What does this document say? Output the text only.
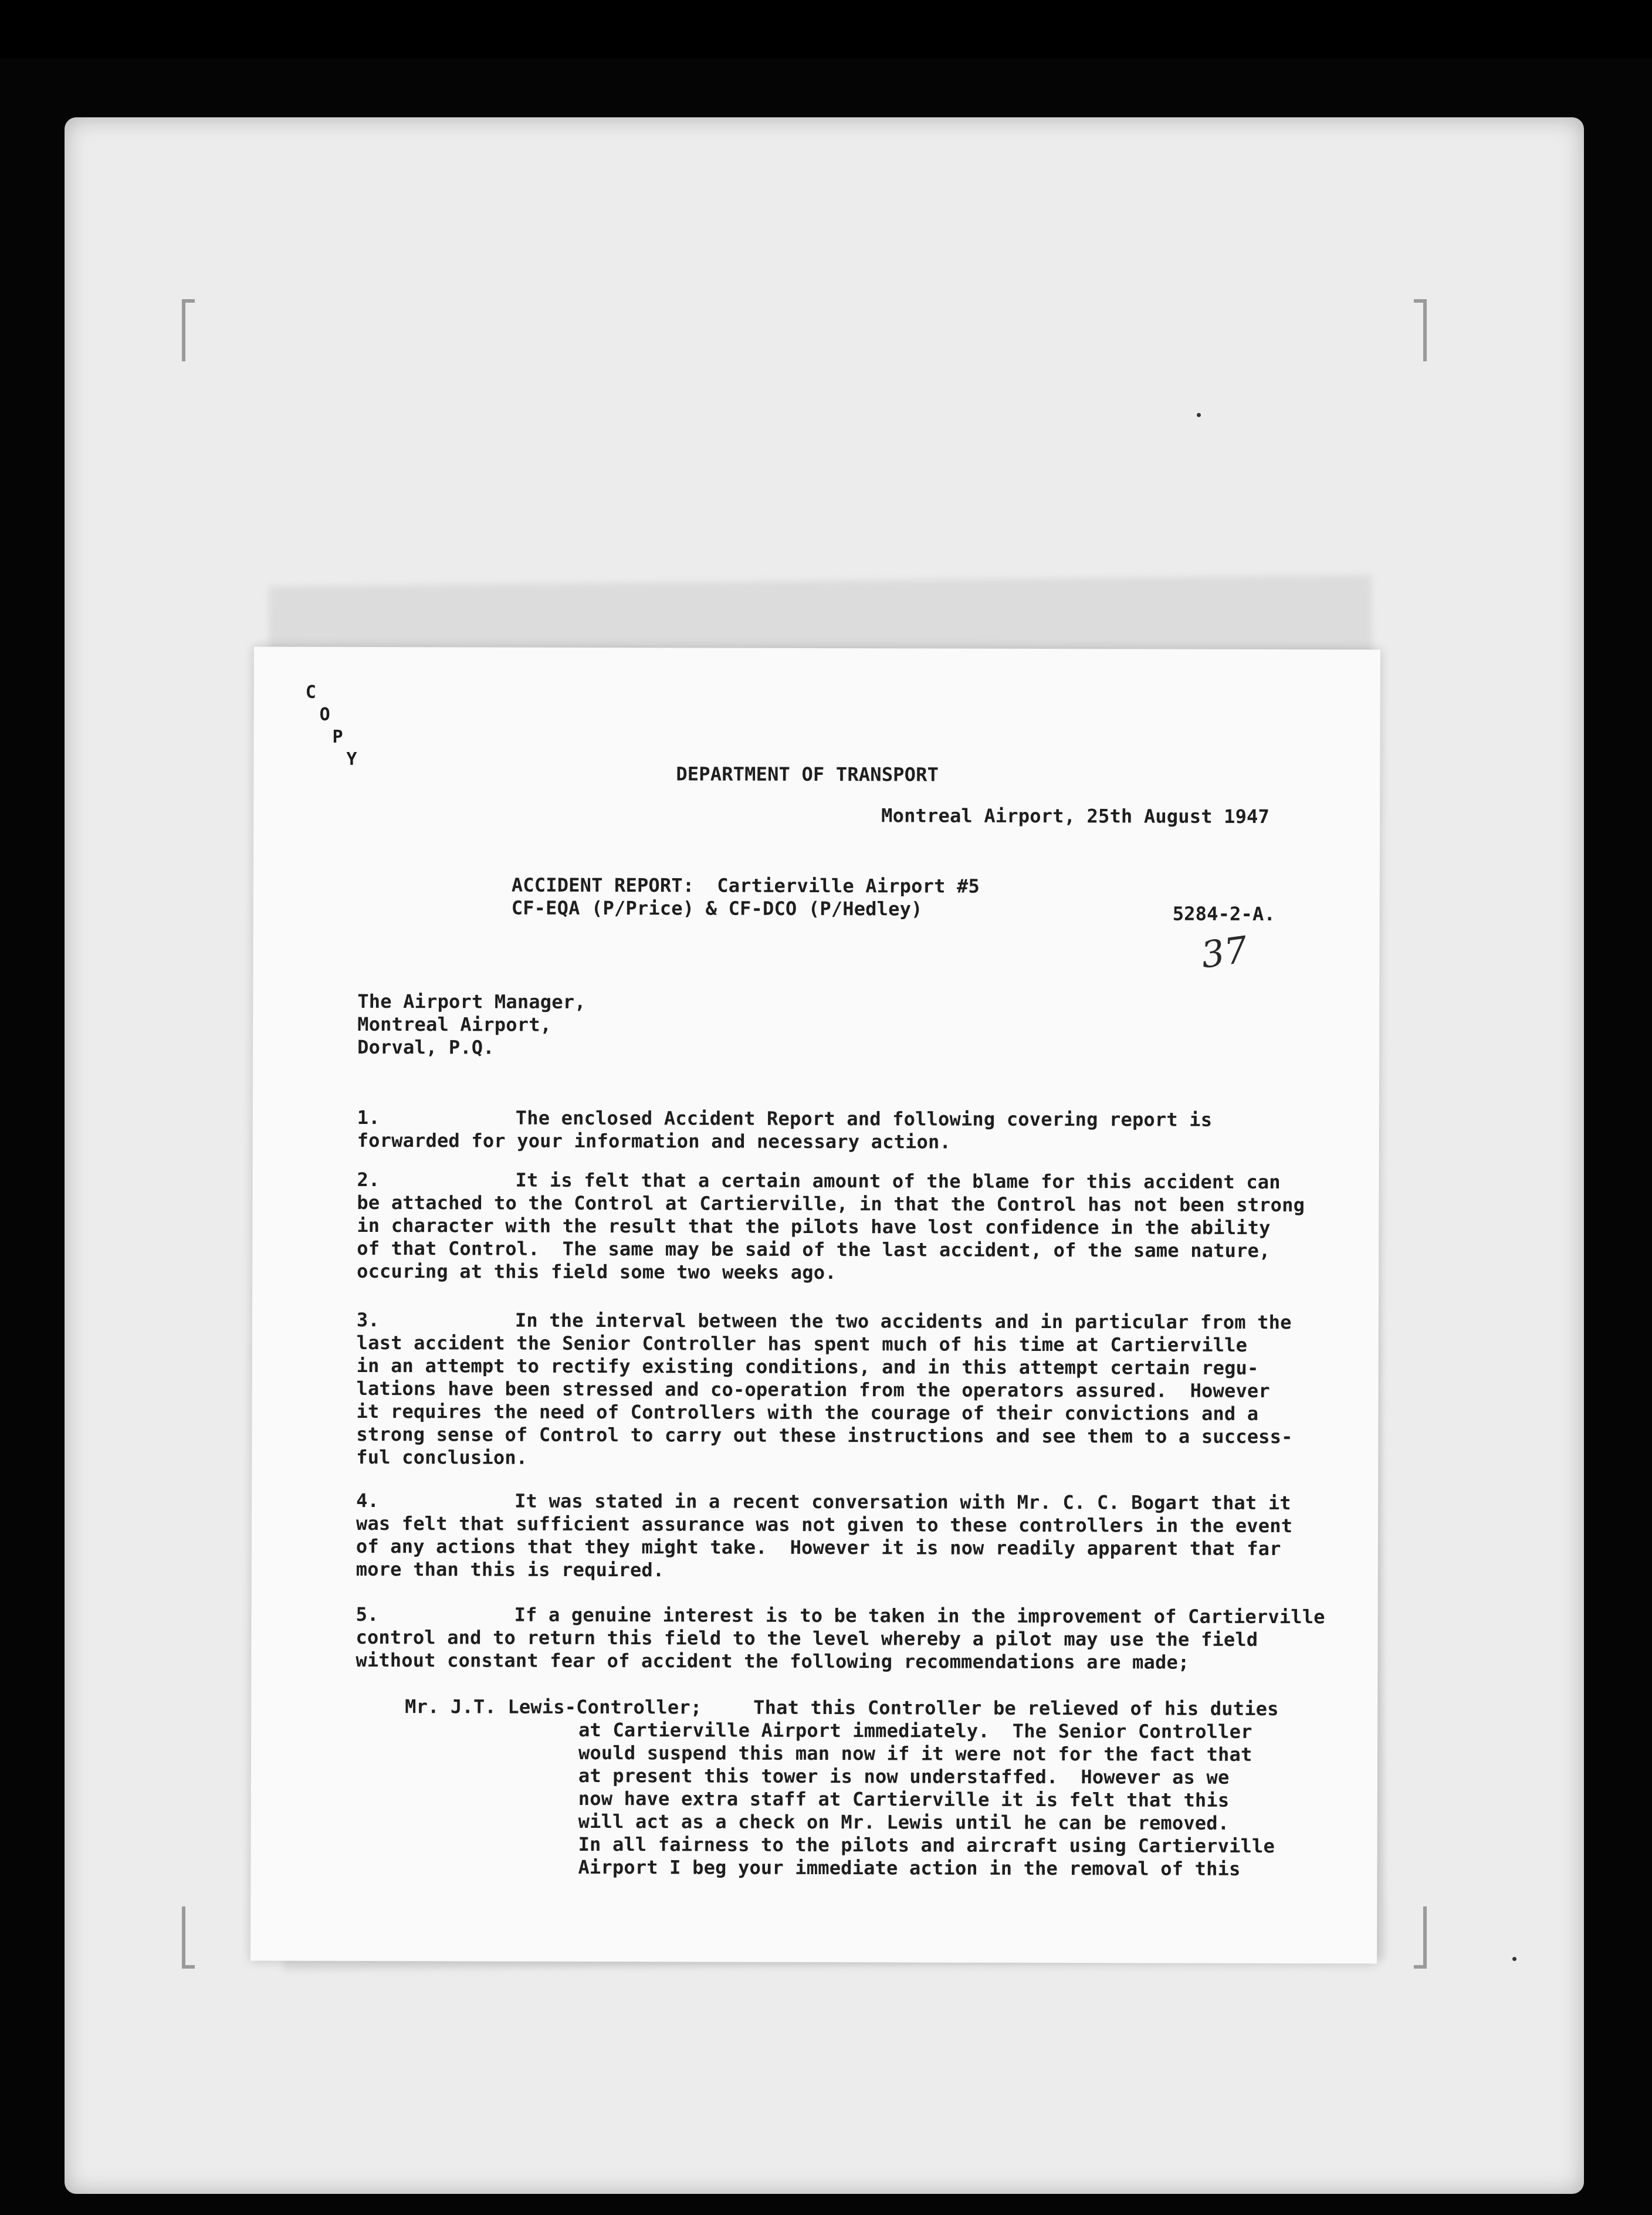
C
O
P
Y
DEPARTMENT OF TRANSPORT
Montreal Airport, 25th August 1947
ACCIDENT REPORT:  Cartierville Airport #5
CF-EQA (P/Price) & CF-DCO (P/Hedley)	5284-2-A.
37
The Airport Manager,
Montreal Airport,
Dorval, P.Q.
1.	The enclosed Accident Report and following covering report is
forwarded for your information and necessary action.
2.	It is felt that a certain amount of the blame for this accident can
be attached to the Control at Cartierville, in that the Control has not been strong
in character with the result that the pilots have lost confidence in the ability
of that Control.  The same may be said of the last accident, of the same nature,
occuring at this field some two weeks ago.
3.	In the interval between the two accidents and in particular from the
last accident the Senior Controller has spent much of his time at Cartierville
in an attempt to rectify existing conditions, and in this attempt certain regu-
lations have been stressed and co-operation from the operators assured.  However
it requires the need of Controllers with the courage of their convictions and a
strong sense of Control to carry out these instructions and see them to a success-
ful conclusion.
4.	It was stated in a recent conversation with Mr. C. C. Bogart that it
was felt that sufficient assurance was not given to these controllers in the event
of any actions that they might take.  However it is now readily apparent that far
more than this is required.
5.	If a genuine interest is to be taken in the improvement of Cartierville
control and to return this field to the level whereby a pilot may use the field
without constant fear of accident the following recommendations are made;
Mr. J.T. Lewis-Controller;	That this Controller be relieved of his duties
at Cartierville Airport immediately.  The Senior Controller
would suspend this man now if it were not for the fact that
at present this tower is now understaffed.  However as we
now have extra staff at Cartierville it is felt that this
will act as a check on Mr. Lewis until he can be removed.
In all fairness to the pilots and aircraft using Cartierville
Airport I beg your immediate action in the removal of this
